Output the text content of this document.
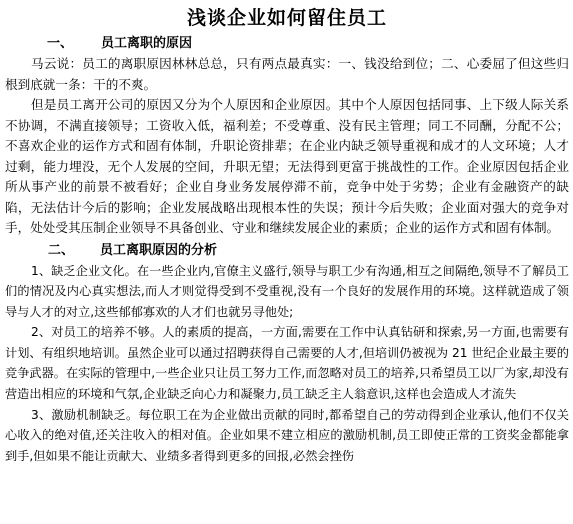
浅谈企业如何留住员工
一、 员工离职的原因

马云说：员工的离职原因林林总总，只有两点最真实：一、钱没给到位；二、心委屈了但这些归根到底就一条：干的不爽。

但是员工离开公司的原因又分为个人原因和企业原因。其中个人原因包括同事、上下级人际关系不协调，不满直接领导；工资收入低，福利差；不受尊重、没有民主管理；同工不同酬，分配不公；不喜欢企业的运作方式和固有体制，升职论资排辈；在企业内缺乏领导重视和成才的人文环境；人才过剩，能力埋没，无个人发展的空间，升职无望；无法得到更富于挑战性的工作。企业原因包括企业所从事产业的前景不被看好；企业自身业务发展停滞不前，竞争中处于劣势；企业有金融资产的缺陷，无法估计今后的影响；企业发展战略出现根本性的失误；预计今后失败；企业面对强大的竞争对手，处处受其压制企业领导不具备创业、守业和继续发展企业的素质；企业的运作方式和固有体制。

二、 员工离职原因的分析

1、缺乏企业文化。在一些企业内,官僚主义盛行,领导与职工少有沟通,相互之间隔绝,领导不了解员工们的情况及内心真实想法,而人才则觉得受到不受重视,没有一个良好的发展作用的环境。这样就造成了领导与人才的对立,这些郁郁寡欢的人才们也就另寻他处;

2、对员工的培养不够。人的素质的提高，一方面,需要在工作中认真钻研和探索,另一方面,也需要有计划、有组织地培训。虽然企业可以通过招聘获得自己需要的人才,但培训仍被视为 21 世纪企业最主要的竞争武器。在实际的管理中,一些企业只让员工努力工作,而忽略对员工的培养,只希望员工以厂为家,却没有营造出相应的环境和气氛,企业缺乏向心力和凝聚力,员工缺乏主人翁意识,这样也会造成人才流失

3、激励机制缺乏。每位职工在为企业做出贡献的同时,都希望自己的劳动得到企业承认,他们不仅关心收入的绝对值,还关注收入的相对值。企业如果不建立相应的激励机制,员工即使正常的工资奖金都能拿到手,但如果不能让贡献大、业绩多者得到更多的回报,必然会挫伤
